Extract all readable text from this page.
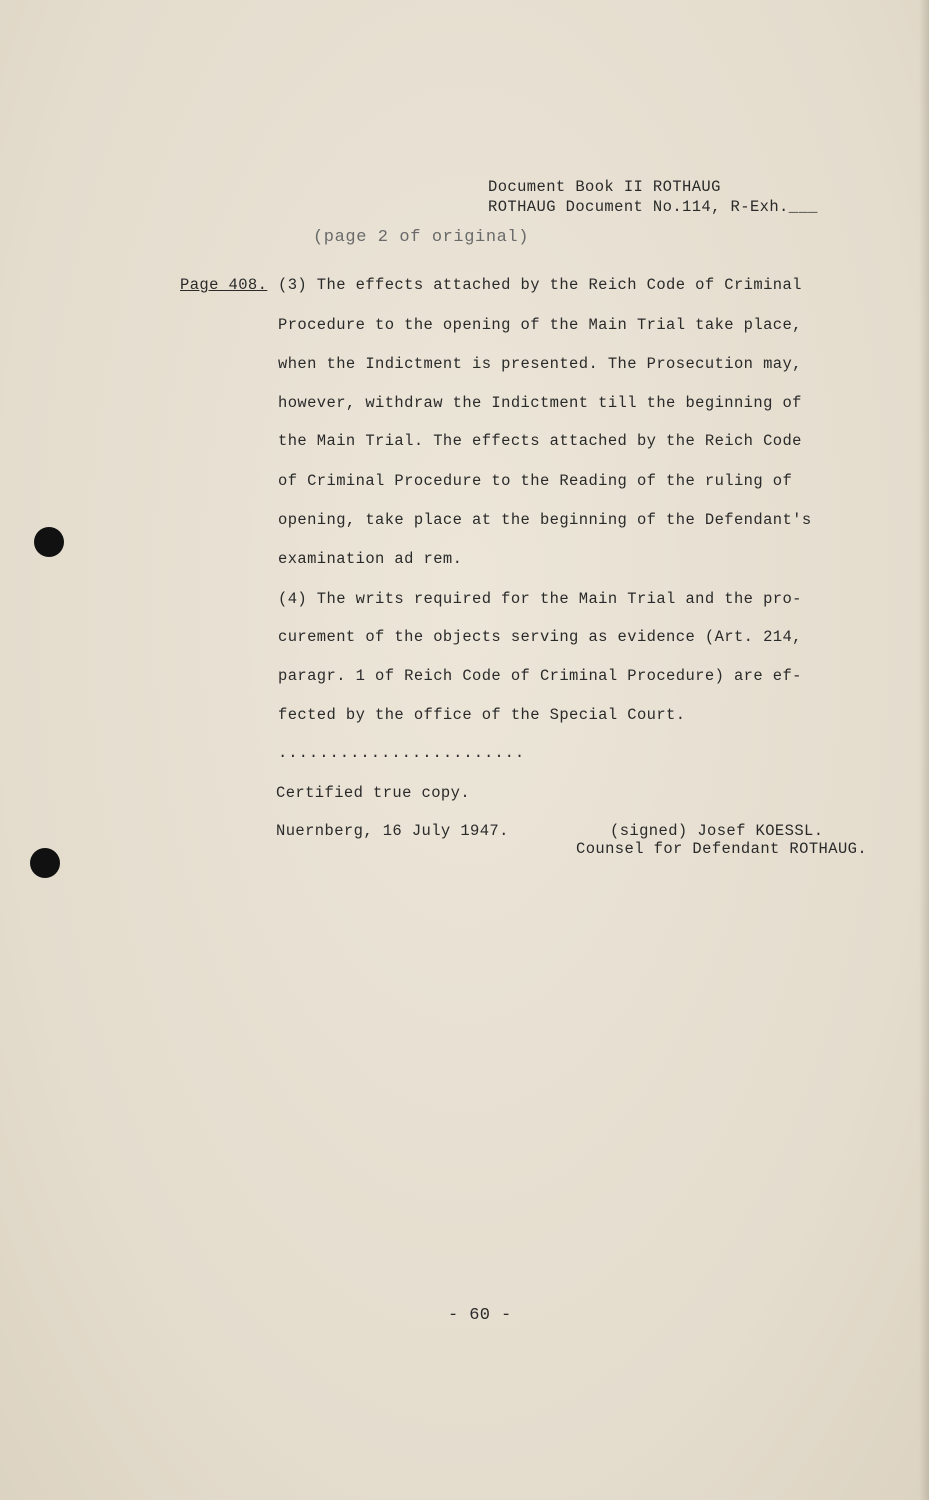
Document Book II ROTHAUG
ROTHAUG Document No.114, R-Exh.___
(page 2 of original)
Page 408. (3) The effects attached by the Reich Code of Criminal
Procedure to the opening of the Main Trial take place,
when the Indictment is presented. The Prosecution may,
however, withdraw the Indictment till the beginning of
the Main Trial. The effects attached by the Reich Code
of Criminal Procedure to the Reading of the ruling of
opening, take place at the beginning of the Defendant's
examination ad rem.
(4) The writs required for the Main Trial and the pro-
curement of the objects serving as evidence (Art. 214,
paragr. 1 of Reich Code of Criminal Procedure) are ef-
fected by the office of the Special Court.
........................
Certified true copy.
Nuernberg, 16 July 1947.	(signed) Josef KOESSL.
Counsel for Defendant ROTHAUG.
- 60 -
